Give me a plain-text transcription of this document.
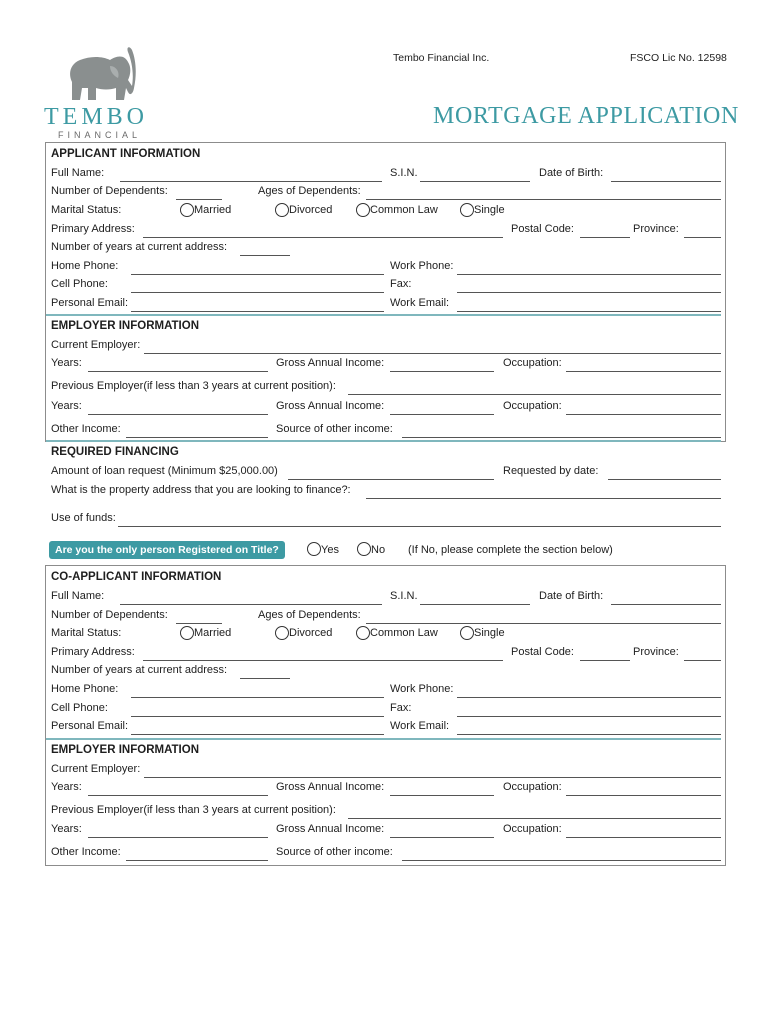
TEMBO
FINANCIAL
Tembo Financial Inc.	FSCO Lic No. 12598
MORTGAGE APPLICATION
APPLICANT INFORMATION
Full Name:	S.I.N.	Date of Birth:
Number of Dependents:	Ages of Dependents:
Marital Status:	Married	Divorced	Common Law	Single
Primary Address:	Postal Code:	Province:
Number of years at current address:
Home Phone:	Work Phone:
Cell Phone:	Fax:
Personal Email:	Work Email:
EMPLOYER INFORMATION
Current Employer:
Years:	Gross Annual Income:	Occupation:
Previous Employer(if less than 3 years at current position):
Years:	Gross Annual Income:	Occupation:
Other Income:	Source of other income:
REQUIRED FINANCING
Amount of loan request (Minimum $25,000.00)	Requested by date:
What is the property address that you are looking to finance?:
Use of funds:
Are you the only person Registered on Title?	Yes	No (If No, please complete the section below)
CO-APPLICANT INFORMATION
Full Name:	S.I.N.	Date of Birth:
Number of Dependents:	Ages of Dependents:
Marital Status:	Married	Divorced	Common Law	Single
Primary Address:	Postal Code:	Province:
Number of years at current address:
Home Phone:	Work Phone:
Cell Phone:	Fax:
Personal Email:	Work Email:
EMPLOYER INFORMATION
Current Employer:
Years:	Gross Annual Income:	Occupation:
Previous Employer(if less than 3 years at current position):
Years:	Gross Annual Income:	Occupation:
Other Income:	Source of other income:
